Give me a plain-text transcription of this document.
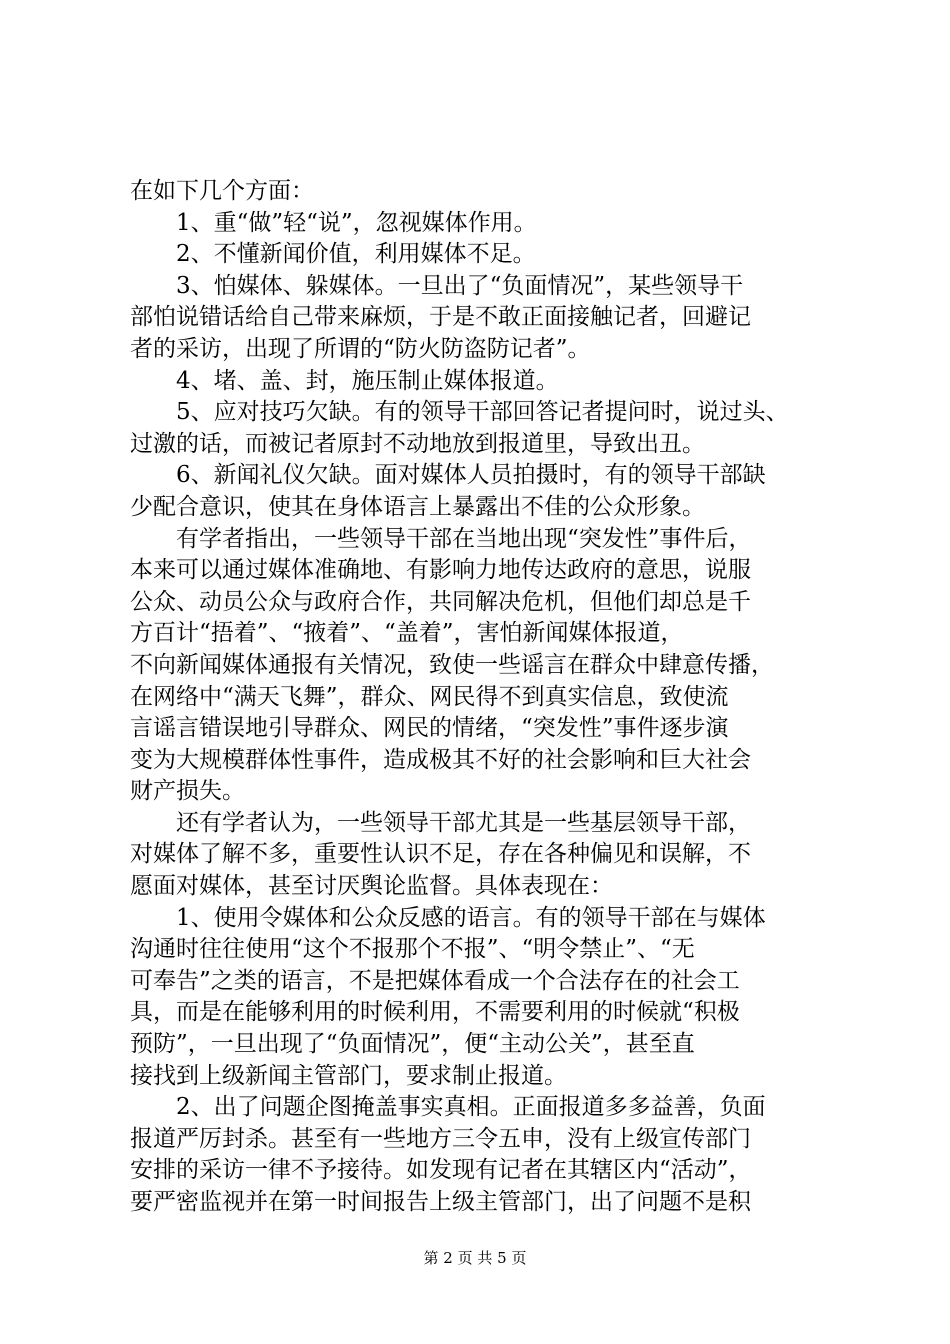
在如下几个方面：
1、重“做”轻“说”，忽视媒体作用。
2、不懂新闻价值，利用媒体不足。
3、怕媒体、躲媒体。一旦出了“负面情况”，某些领导干
部怕说错话给自己带来麻烦，于是不敢正面接触记者，回避记
者的采访，出现了所谓的“防火防盗防记者”。
4、堵、盖、封，施压制止媒体报道。
5、应对技巧欠缺。有的领导干部回答记者提问时，说过头、
过激的话，而被记者原封不动地放到报道里，导致出丑。
6、新闻礼仪欠缺。面对媒体人员拍摄时，有的领导干部缺
少配合意识，使其在身体语言上暴露出不佳的公众形象。
有学者指出，一些领导干部在当地出现“突发性”事件后，
本来可以通过媒体准确地、有影响力地传达政府的意思，说服
公众、动员公众与政府合作，共同解决危机，但他们却总是千
方百计“捂着”、“掖着”、“盖着”，害怕新闻媒体报道，
不向新闻媒体通报有关情况，致使一些谣言在群众中肆意传播，
在网络中“满天飞舞”，群众、网民得不到真实信息，致使流
言谣言错误地引导群众、网民的情绪，“突发性”事件逐步演
变为大规模群体性事件，造成极其不好的社会影响和巨大社会
财产损失。
还有学者认为，一些领导干部尤其是一些基层领导干部，
对媒体了解不多，重要性认识不足，存在各种偏见和误解，不
愿面对媒体，甚至讨厌舆论监督。具体表现在：
1、使用令媒体和公众反感的语言。有的领导干部在与媒体
沟通时往往使用“这个不报那个不报”、“明令禁止”、“无
可奉告”之类的语言，不是把媒体看成一个合法存在的社会工
具，而是在能够利用的时候利用，不需要利用的时候就“积极
预防”，一旦出现了“负面情况”，便“主动公关”，甚至直
接找到上级新闻主管部门，要求制止报道。
2、出了问题企图掩盖事实真相。正面报道多多益善，负面
报道严厉封杀。甚至有一些地方三令五申，没有上级宣传部门
安排的采访一律不予接待。如发现有记者在其辖区内“活动”，
要严密监视并在第一时间报告上级主管部门，出了问题不是积
第 2 页 共 5 页
